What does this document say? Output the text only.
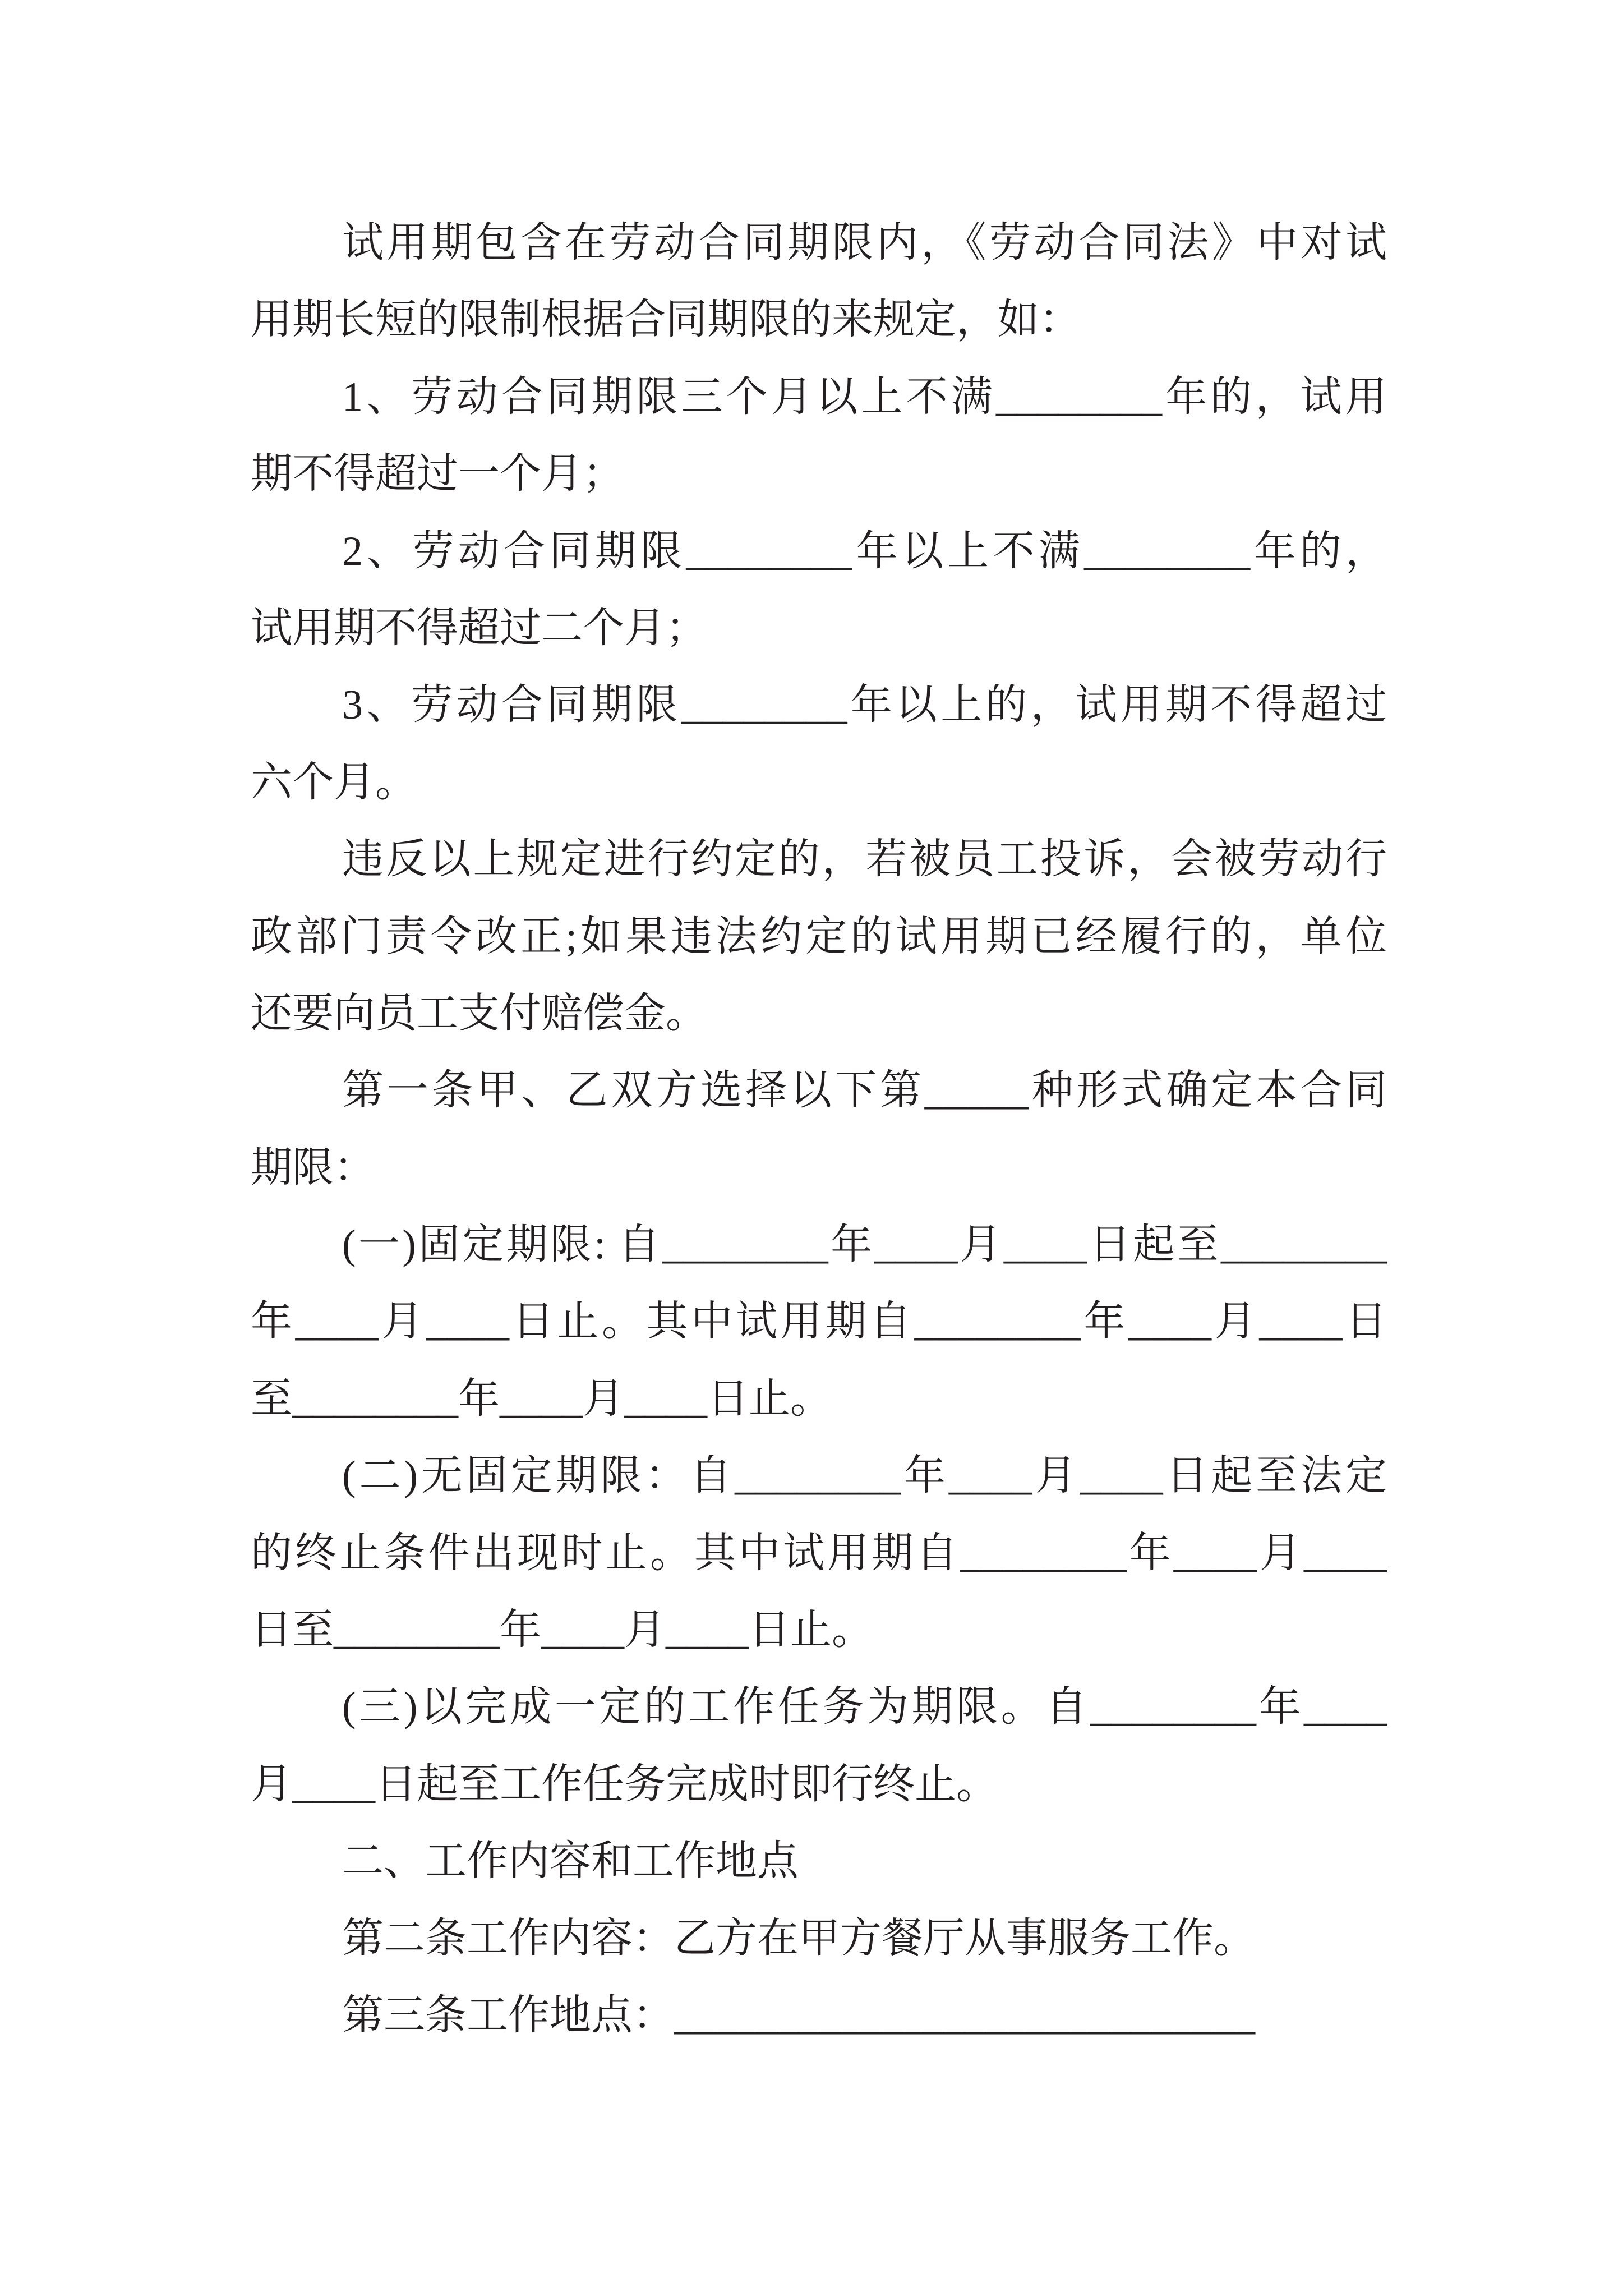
试用期包含在劳动合同期限内，《劳动合同法》中对试
用期长短的限制根据合同期限的来规定，如：
1、劳动合同期限三个月以上不满________年的，试用
期不得超过一个月；
2、劳动合同期限________年以上不满________年的，
试用期不得超过二个月；
3、劳动合同期限________年以上的，试用期不得超过
六个月。
违反以上规定进行约定的，若被员工投诉，会被劳动行
政部门责令改正;如果违法约定的试用期已经履行的，单位
还要向员工支付赔偿金。
第一条甲、乙双方选择以下第_____种形式确定本合同
期限：
(一)固定期限: 自________年____月____日起至________
年____月____日止。其中试用期自________年____月____日
至________年____月____日止。
(二)无固定期限：自________年____月____日起至法定
的终止条件出现时止。其中试用期自________年____月____
日至________年____月____日止。
(三)以完成一定的工作任务为期限。自________年____
月____日起至工作任务完成时即行终止。
二、工作内容和工作地点
第二条工作内容：乙方在甲方餐厅从事服务工作。
第三条工作地点：____________________________
